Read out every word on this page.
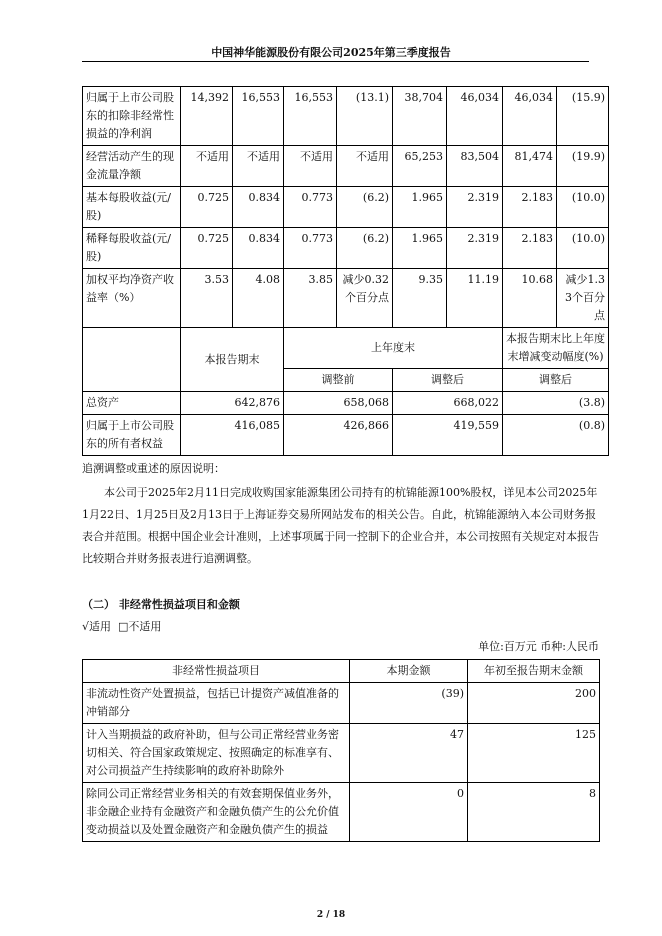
中国神华能源股份有限公司2025年第三季度报告
归属于上市公司股东的扣除非经常性损益的净利润	14,392	16,553	16,553	(13.1)	38,704	46,034	46,034	(15.9)
经营活动产生的现金流量净额	不适用	不适用	不适用	不适用	65,253	83,504	81,474	(19.9)
基本每股收益(元/股)	0.725	0.834	0.773	(6.2)	1.965	2.319	2.183	(10.0)
稀释每股收益(元/股)	0.725	0.834	0.773	(6.2)	1.965	2.319	2.183	(10.0)
加权平均净资产收益率（%）	3.53	4.08	3.85	减少0.32个百分点	9.35	11.19	10.68	减少1.33个百分点
	本报告期末		上年度末				本报告期末比上年度末增减变动幅度(%)	
			调整前		调整后		调整后	
总资产	642,876		658,068		668,022		(3.8)	
归属于上市公司股东的所有者权益	416,085		426,866		419,559		(0.8)	
追溯调整或重述的原因说明：
本公司于2025年2月11日完成收购国家能源集团公司持有的杭锦能源100%股权，详见本公司2025年1月22日、1月25日及2月13日于上海证券交易所网站发布的相关公告。自此，杭锦能源纳入本公司财务报表合并范围。根据中国企业会计准则，上述事项属于同一控制下的企业合并，本公司按照有关规定对本报告比较期合并财务报表进行追溯调整。
（二） 非经常性损益项目和金额
√适用 □不适用
单位:百万元 币种:人民币
非经常性损益项目	本期金额	年初至报告期末金额
非流动性资产处置损益，包括已计提资产减值准备的冲销部分	(39)	200
计入当期损益的政府补助，但与公司正常经营业务密切相关、符合国家政策规定、按照确定的标准享有、对公司损益产生持续影响的政府补助除外	47	125
除同公司正常经营业务相关的有效套期保值业务外，非金融企业持有金融资产和金融负债产生的公允价值变动损益以及处置金融资产和金融负债产生的损益	0	8
2 / 18
